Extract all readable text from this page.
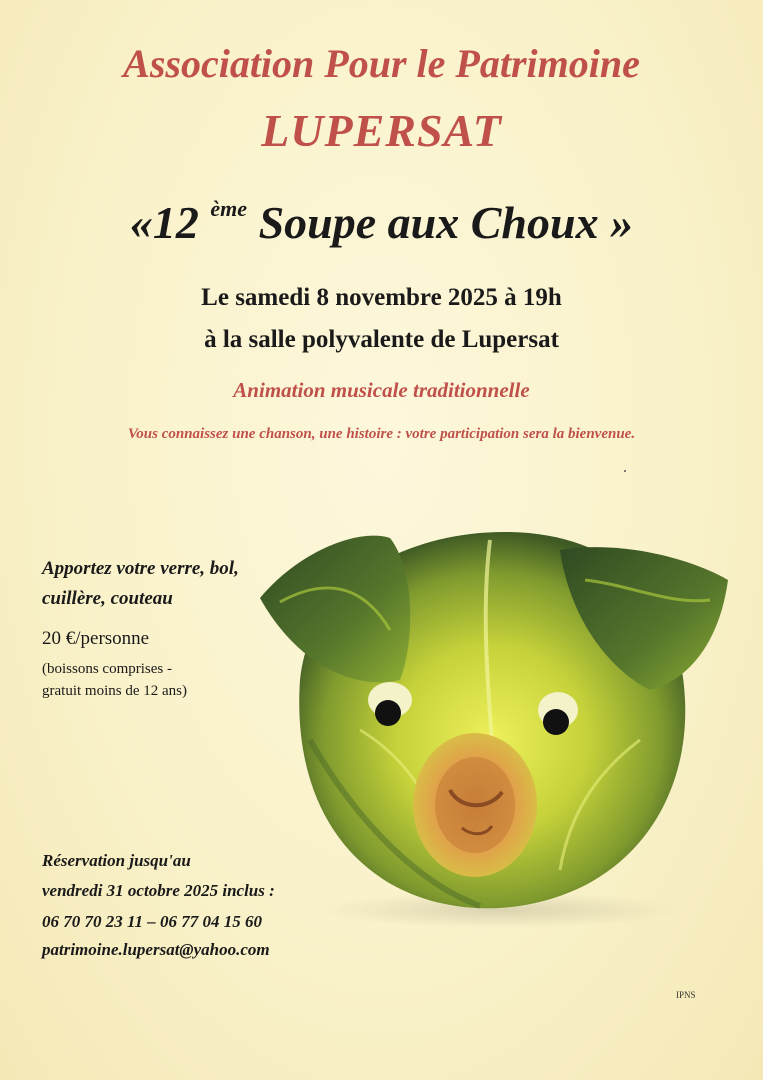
Association Pour le Patrimoine

LUPERSAT

«12 $^{ème}$ Soupe aux Choux »

Le samedi 8 novembre 2025 à 19h

à la salle polyvalente de Lupersat

Animation musicale traditionnelle

Vous connaissez une chanson, une histoire : votre participation sera la bienvenue.

Apportez votre verre, bol,
cuillère, couteau

20 €/personne

(boissons comprises -
gratuit moins de 12 ans)

Réservation jusqu'au
vendredi 31 octobre 2025 inclus :

06 70 70 23 11 – 06 77 04 15 60

patrimoine.lupersat@yahoo.com

IPNS
